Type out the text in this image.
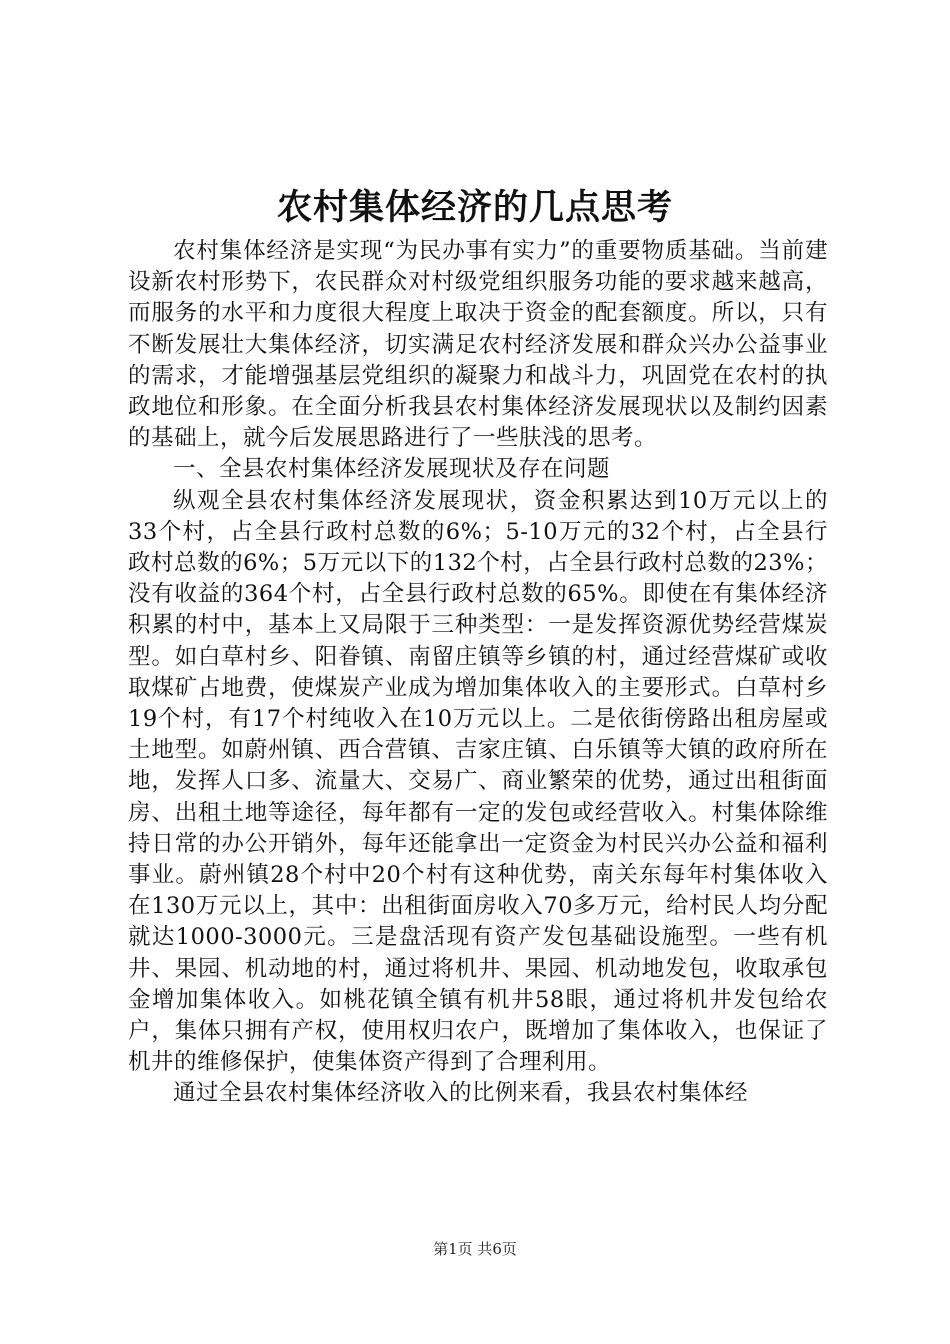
农村集体经济的几点思考

农村集体经济是实现“为民办事有实力”的重要物质基础。当前建设新农村形势下，农民群众对村级党组织服务功能的要求越来越高，而服务的水平和力度很大程度上取决于资金的配套额度。所以，只有不断发展壮大集体经济，切实满足农村经济发展和群众兴办公益事业的需求，才能增强基层党组织的凝聚力和战斗力，巩固党在农村的执政地位和形象。在全面分析我县农村集体经济发展现状以及制约因素的基础上，就今后发展思路进行了一些肤浅的思考。

一、全县农村集体经济发展现状及存在问题

纵观全县农村集体经济发展现状，资金积累达到10万元以上的33个村，占全县行政村总数的6%；5-10万元的32个村，占全县行政村总数的6%；5万元以下的132个村，占全县行政村总数的23%；没有收益的364个村，占全县行政村总数的65%。即使在有集体经济积累的村中，基本上又局限于三种类型：一是发挥资源优势经营煤炭型。如白草村乡、阳眷镇、南留庄镇等乡镇的村，通过经营煤矿或收取煤矿占地费，使煤炭产业成为增加集体收入的主要形式。白草村乡19个村，有17个村纯收入在10万元以上。二是依街傍路出租房屋或土地型。如蔚州镇、西合营镇、吉家庄镇、白乐镇等大镇的政府所在地，发挥人口多、流量大、交易广、商业繁荣的优势，通过出租街面房、出租土地等途径，每年都有一定的发包或经营收入。村集体除维持日常的办公开销外，每年还能拿出一定资金为村民兴办公益和福利事业。蔚州镇28个村中20个村有这种优势，南关东每年村集体收入在130万元以上，其中：出租街面房收入70多万元，给村民人均分配就达1000-3000元。三是盘活现有资产发包基础设施型。一些有机井、果园、机动地的村，通过将机井、果园、机动地发包，收取承包金增加集体收入。如桃花镇全镇有机井58眼，通过将机井发包给农户，集体只拥有产权，使用权归农户，既增加了集体收入，也保证了机井的维修保护，使集体资产得到了合理利用。

通过全县农村集体经济收入的比例来看，我县农村集体经

第1页 共6页
